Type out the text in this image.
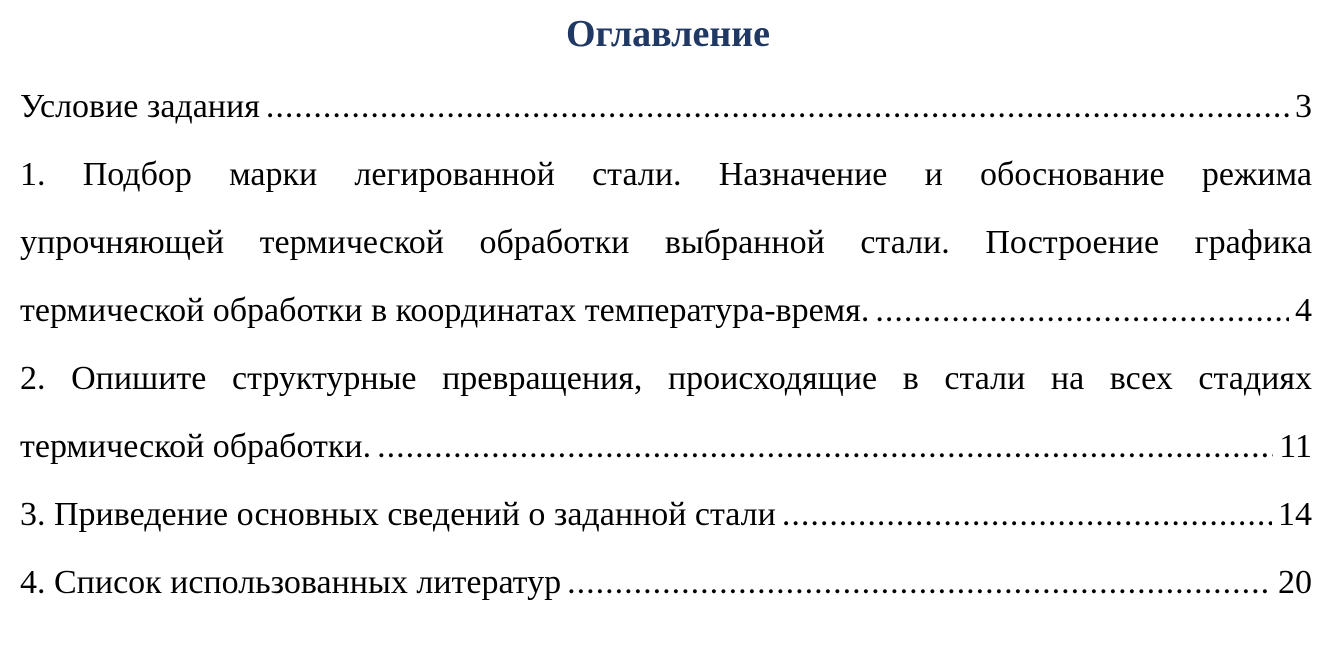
Оглавление
Условие задания .....	3
1. Подбор марки легированной стали. Назначение и обоснование режима
упрочняющей термической обработки выбранной стали. Построение графика
термической обработки в координатах температура-время. .....	4
2. Опишите структурные превращения, происходящие в стали на всех стадиях
термической обработки. .....	11
3. Приведение основных сведений о заданной стали .....	14
4. Список использованных литератур .....	20
